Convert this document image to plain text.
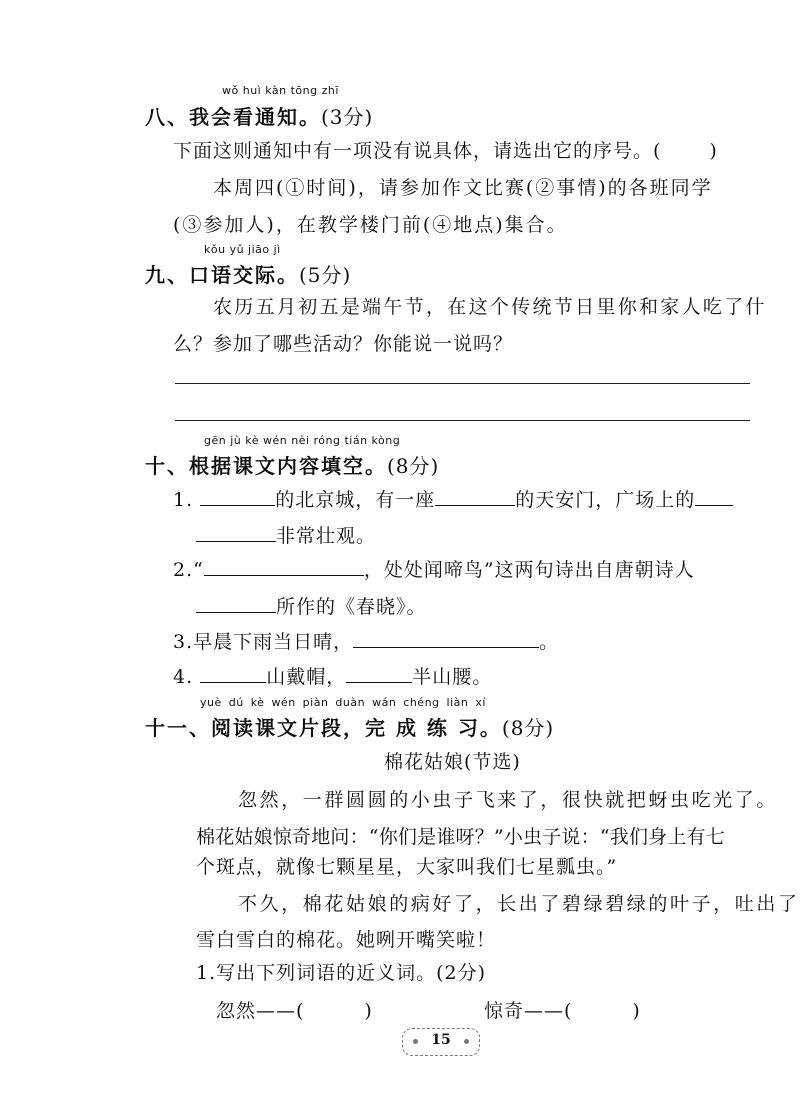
wǒ huì kàn tōng zhī
八、我会看通知。(3分)
下面这则通知中有一项没有说具体，请选出它的序号。(	)
本周四(①时间)，请参加作文比赛(②事情)的各班同学
(③参加人)，在教学楼门前(④地点)集合。
kǒu yǔ jiāo jì
九、口语交际。(5分)
农历五月初五是端午节，在这个传统节日里你和家人吃了什
么？参加了哪些活动？你能说一说吗？
gēn jù kè wén nèi róng tián kòng
十、根据课文内容填空。(8分)
1.	的北京城，有一座	的天安门，广场上的
非常壮观。
2.“	，处处闻啼鸟”这两句诗出自唐朝诗人
所作的《春晓》。
3.早晨下雨当日晴，	。
4.	山戴帽，	半山腰。
yuè dú kè wén piàn duàn wán chéng liàn xí
十一、阅读课文片段，完 成 练 习。(8分)
棉花姑娘(节选)
忽然，一群圆圆的小虫子飞来了，很快就把蚜虫吃光了。
棉花姑娘惊奇地问：“你们是谁呀？”小虫子说：“我们身上有七
个斑点，就像七颗星星，大家叫我们七星瓢虫。”
不久，棉花姑娘的病好了，长出了碧绿碧绿的叶子，吐出了
雪白雪白的棉花。她咧开嘴笑啦！
1.写出下列词语的近义词。(2分)
忽然——(	)	惊奇——(	)
15
